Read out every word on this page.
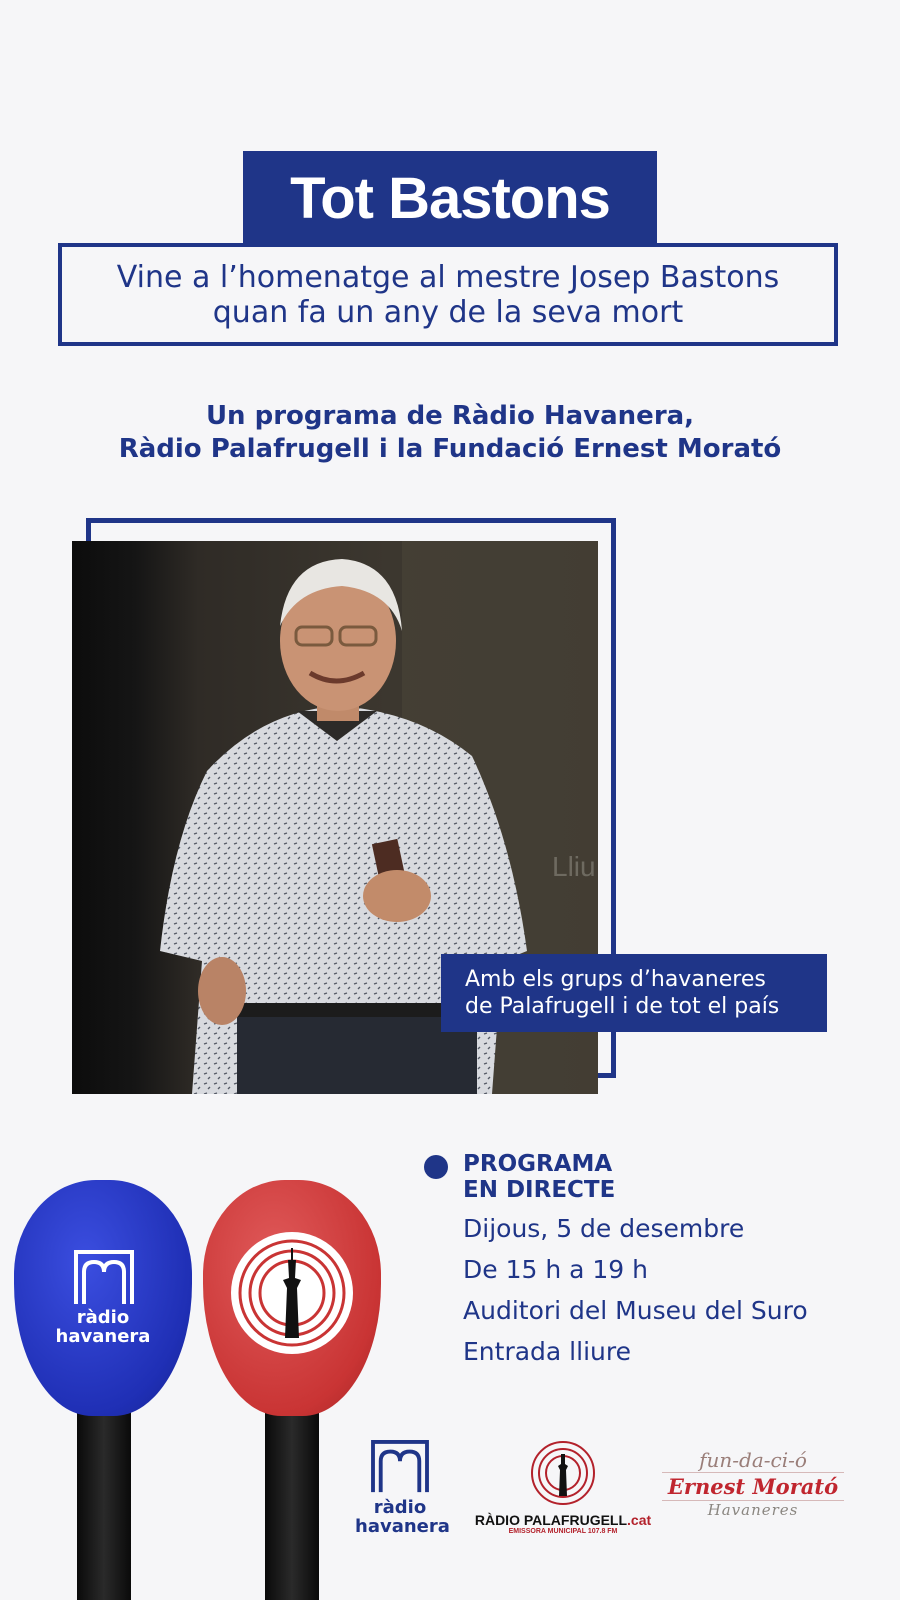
Tot Bastons
Vine a l’homenatge al mestre Josep Bastons
quan fa un any de la seva mort
Un programa de Ràdio Havanera,
Ràdio Palafrugell i la Fundació Ernest Morató
Lliu
Amb els grups d’havaneres
de Palafrugell i de tot el país
PROGRAMA
EN DIRECTE
Dijous, 5 de desembre
De 15 h a 19 h
Auditori del Museu del Suro
Entrada lliure
ràdio
havanera
ràdio
havanera RÀDIO PALAFRUGELL.cat
EMISSORA MUNICIPAL 107.8 FM
fun-da-ci-ó
Ernest Morató
Havaneres
